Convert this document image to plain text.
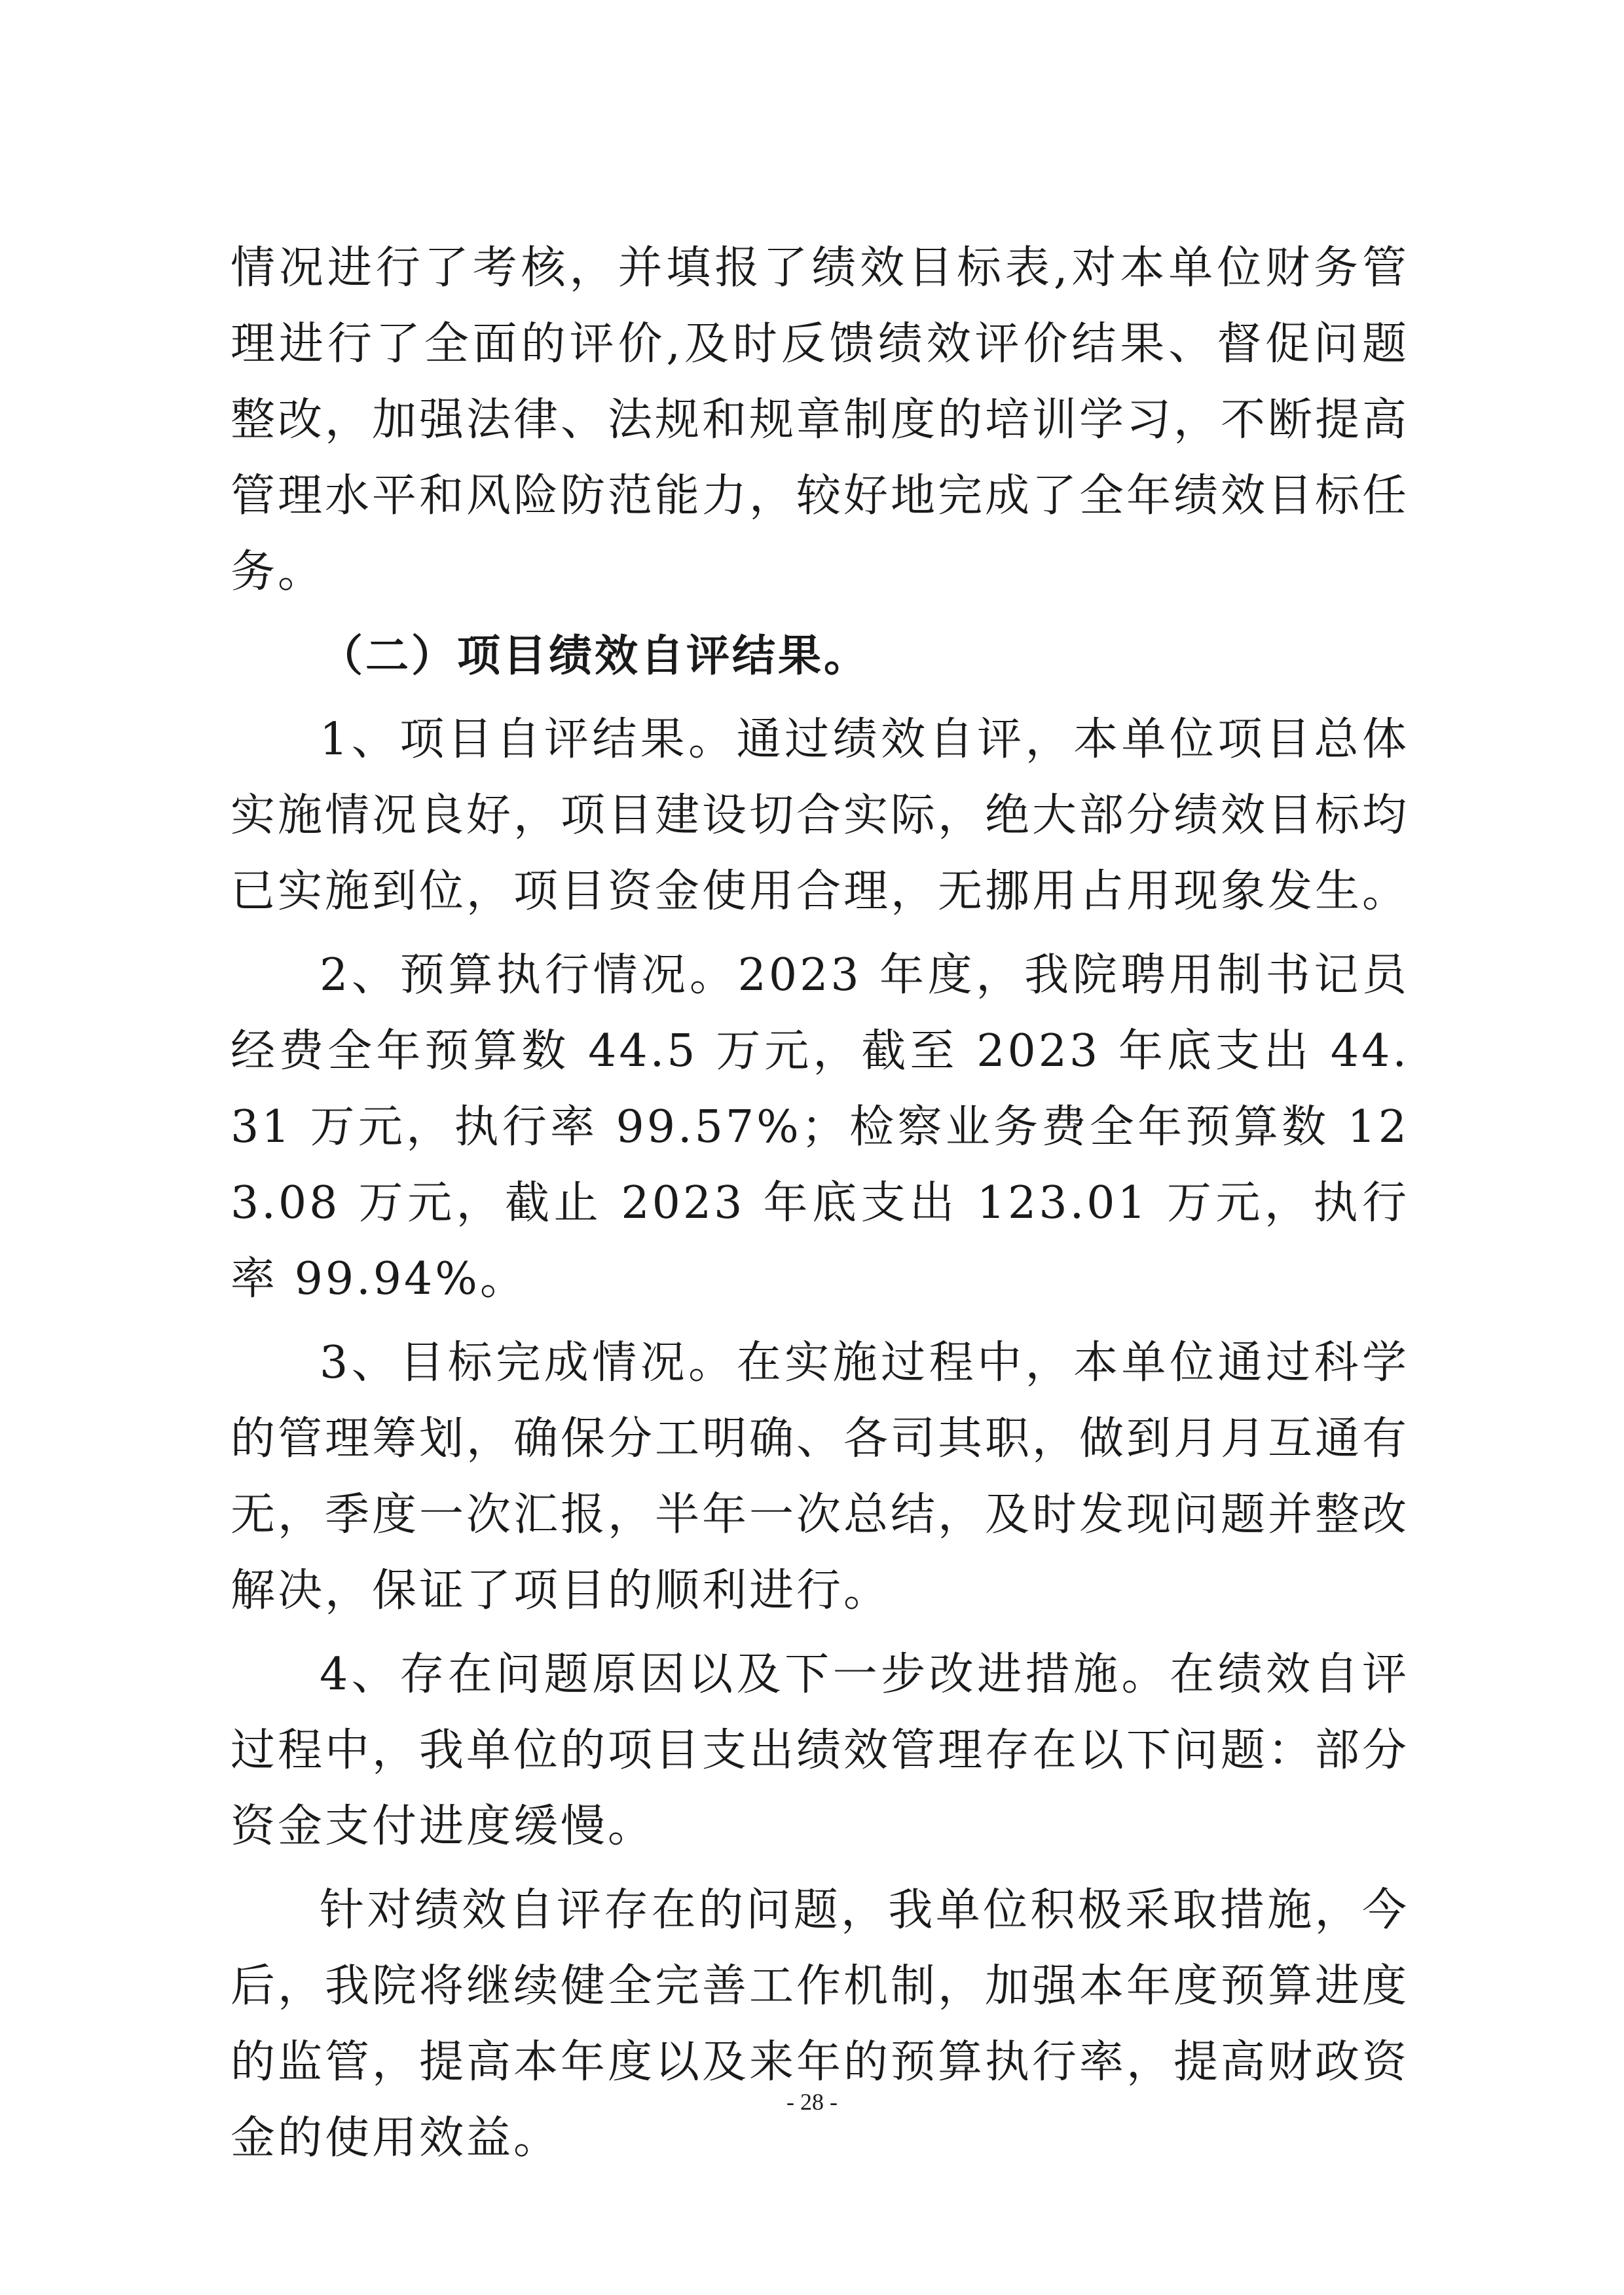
情况进行了考核，并填报了绩效目标表,对本单位财务管理进行了全面的评价,及时反馈绩效评价结果、督促问题整改，加强法律、法规和规章制度的培训学习，不断提高管理水平和风险防范能力，较好地完成了全年绩效目标任务。

（二）项目绩效自评结果。

1、项目自评结果。通过绩效自评，本单位项目总体实施情况良好，项目建设切合实际，绝大部分绩效目标均已实施到位，项目资金使用合理，无挪用占用现象发生。

2、预算执行情况。2023 年度，我院聘用制书记员经费全年预算数 44.5 万元，截至 2023 年底支出 44.31 万元，执行率 99.57%；检察业务费全年预算数 123.08 万元，截止 2023 年底支出 123.01 万元，执行率 99.94%。

3、目标完成情况。在实施过程中，本单位通过科学的管理筹划，确保分工明确、各司其职，做到月月互通有无，季度一次汇报，半年一次总结，及时发现问题并整改解决，保证了项目的顺利进行。

4、存在问题原因以及下一步改进措施。在绩效自评过程中，我单位的项目支出绩效管理存在以下问题：部分资金支付进度缓慢。

针对绩效自评存在的问题，我单位积极采取措施，今后，我院将继续健全完善工作机制，加强本年度预算进度的监管，提高本年度以及来年的预算执行率，提高财政资金的使用效益。

- 28 -
